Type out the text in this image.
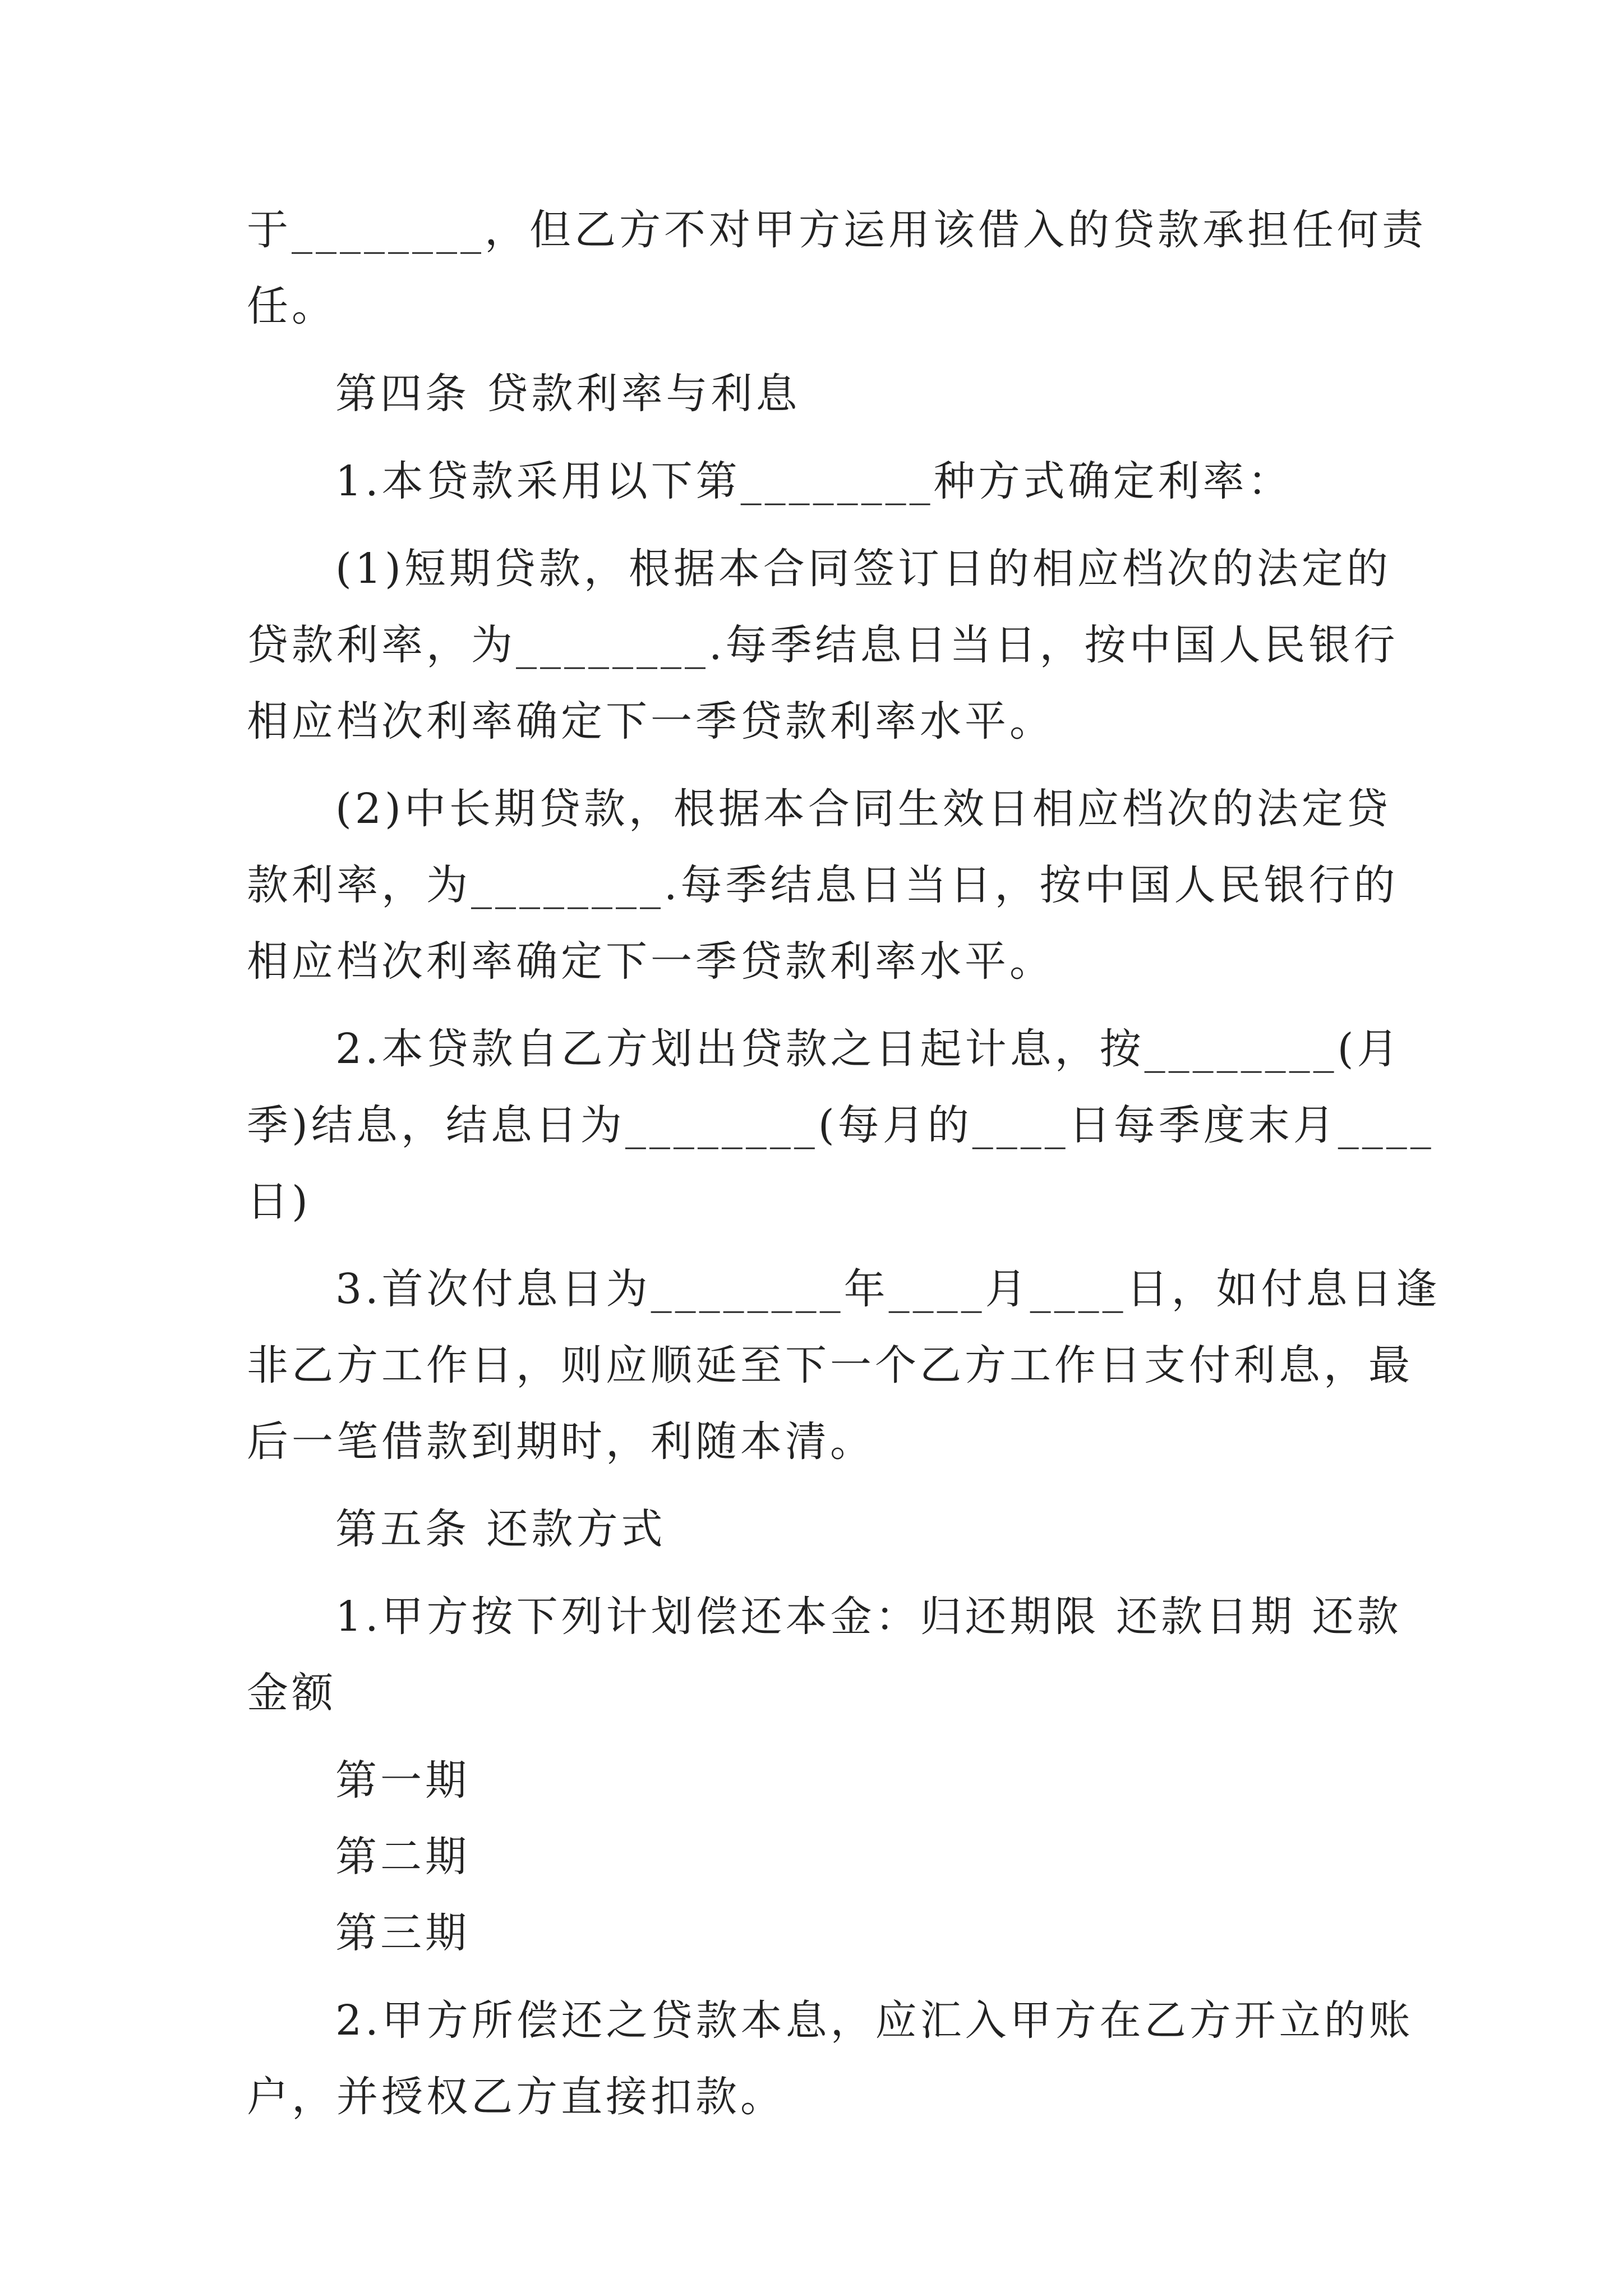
于________，但乙方不对甲方运用该借入的贷款承担任何责
任。
第四条 贷款利率与利息
1.本贷款采用以下第________种方式确定利率：
(1)短期贷款，根据本合同签订日的相应档次的法定的
贷款利率，为________.每季结息日当日，按中国人民银行
相应档次利率确定下一季贷款利率水平。
(2)中长期贷款，根据本合同生效日相应档次的法定贷
款利率，为________.每季结息日当日，按中国人民银行的
相应档次利率确定下一季贷款利率水平。
2.本贷款自乙方划出贷款之日起计息，按________(月
季)结息，结息日为________(每月的____日每季度末月____
日)
3.首次付息日为________年____月____日，如付息日逢
非乙方工作日，则应顺延至下一个乙方工作日支付利息，最
后一笔借款到期时，利随本清。
第五条 还款方式
1.甲方按下列计划偿还本金：归还期限 还款日期 还款
金额
第一期
第二期
第三期
2.甲方所偿还之贷款本息，应汇入甲方在乙方开立的账
户，并授权乙方直接扣款。
